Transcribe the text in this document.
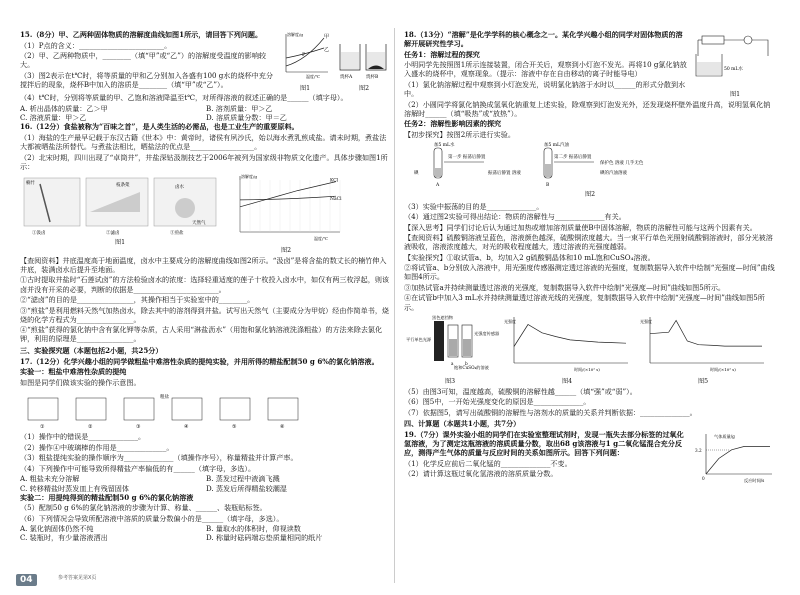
15.（8分）甲、乙两种固体物质的溶解度曲线如图1所示，请回答下列问题。

（1）P点的含义：________________________。

（2）甲、乙两种物质中，________（填“甲”或“乙”）的溶解度受温度的影响较大。

（3）图2表示在t℃时，将等质量的甲和乙分别加入各盛有100 g水的烧杯中充分搅拌后的现象，烧杯B中加入的溶质是________（填“甲”或“乙”）。

甲
乙
P
溶解度/g
温度/℃
图1
烧杯A	烧杯B
图2

（4）t℃时，分别将等质量的甲、乙饱和溶液降温至t℃，对所得溶液的叙述正确的是______（填字母）。

A. 析出晶体的质量：乙＞甲	B. 溶剂质量：甲＞乙
C. 溶液质量：甲＞乙	D. 溶质质量分数：甲＝乙

16.（12分）食盐被称为“百味之首”，是人类生活的必需品，也是工业生产的重要原料。

（1）海盐的生产最早记载于东汉古籍《世本》中：黄帝时，诸侯有夙沙氏，始以海水煮乳煎成盐。请未时期，煮盐法大都被晒盐法所替代。与煮盐法相比，晒盐法的优点是__________________。

（2）北宋时期，四川出现了“卓筒井”，井盐深钻汲制技艺于2006年被列为国家级非物质文化遗产。具体步骤如图1所示：

楠竹	枝条架	卤水
天然气
①汲卤	②滤卤	③煎盐
图1
溶解度/g
温度/℃
KCl
NaCl
图2

【查阅资料】井底温度高于地面温度，卤水中主要成分的溶解度曲线如图2所示。“汲卤”是将含盐的数丈长的楠竹伸入井底，装满卤水后提升至地面。

①古时提取井盐时“石莲试卤”的方法检验卤水的浓度：选择轻重适度的莲子十枚投入卤水中，如仅有两三枚浮起，则该卤并没有开采的必要，判断的依据是________________________。

②“滤卤”的目的是________________，其操作相当于实验室中的________。

③“煎盐”是利用燃料天然气加热卤水，除去其中的溶剂得到井盐。试写出天然气（主要成分为甲烷）经由作简单书，烧烧的化学方程式为________________。

④“煎盐”获得的氯化钠中含有氯化钾等杂质，古人采用“淋盐沥水”（用饱和氯化钠溶液洗涤粗盐）的方法来除去氯化钾，利用的原理是________________。

三、实验探究题（本题包括2小题，共25分）

17.（12分）化学兴趣小组的同学做粗盐中难溶性杂质的提纯实验，并用所得的精盐配制50 g 6%的氯化钠溶液。

实验一：粗盐中难溶性杂质的提纯

如图是同学们做该实验的操作示意图。

①	②	③	④	⑤	⑥
粗盐

（1）操作中的错误是______________。

（2）操作④中玻璃棒的作用是______________。

（3）粗盐提纯实验的操作顺序为______________（填操作序号），称量精盐并计算产率。

（4）下列操作中可能导致所得精盐产率偏低的有______（填字母，多选）。

A. 粗盐未充分溶解	B. 蒸发过程中液滴飞溅
C. 转移精盐时蒸发皿上有残留固体	D. 蒸发后所得精盐较潮湿

实验二：用提纯得到的精盐配制50 g 6%的氯化钠溶液

（5）配制50 g 6%的氯化钠溶液的步骤为计算、称量、______、装瓶贴标签。

（6）下列情况会导致所配溶液中溶质的质量分数偏小的是______（填字母，多选）。

A. 氯化钠固体仍然不纯	B. 量取水的体积时，仰视读数
C. 装瓶时，有少量溶液洒出	D. 称量时砝码端忘垫质量相同的纸片

18.（13分）“溶解”是化学学科的核心概念之一。某化学兴趣小组的同学对固体物质的溶解开展研究性学习。

任务1：溶解过程的探究

小明同学先按照图1所示连接装置，闭合开关后，观察到小灯泡不发光。再将10 g氯化钠放入盛水的烧杯中，观察现象。（提示：溶液中存在自由移动的离子时能导电）

（1）氯化钠溶解过程中观察到小灯泡发光，说明氯化钠溶于水时以______的形式分散到水中。

50 mL水
图1

（2）小圆同学将氯化钠换成氢氧化钠重复上述实验，除观察到灯泡发光外，还发现烧杯壁外温度升高，说明氢氧化钠溶解时______（填“吸热”或“放热”）。

任务2：溶解性影响因素的探究

【初步探究】按图2所示进行实验。

加5 mL水
第一步 振荡后静置	第二步 振荡后静置
加5 mL汽油
保护色 溶液 几乎无色
碘
A	B
振荡后静置 溶液	碘的汽油溶液
图2

（3）实验中振荡的目的是______________。

（4）通过图2实验可得出结论：物质的溶解性与______________有关。

【深入思考】同学们讨论后认为通过加热或增加溶剂质量使B中固体溶解，物质的溶解性可能与这两个因素有关。

【查阅资料】硫酸铜溶液呈蓝色，溶液颜色越深，硫酸铜浓度越大。当一束平行单色光照射硫酸铜溶液时，部分光被溶液吸收，溶液浓度越大，对光的吸收程度越大，透过溶液的光强度越弱。

【实验探究】①取试管a、b，均加入2 g硫酸铜晶体和10 mL饱和CuSO₄溶液。

②将试管a、b分别放入溶液中，用光强度传感器测定透过溶液的光强度，复制数据导入软件中绘制“光强度—时间”曲线如图4所示。

③加热试管a并持续测量透过溶液的光强度，复制数据导入软件中绘制“光强度—时间”曲线如图5所示。

④在试管b中加入3 mL水并持续测量透过溶液光线的光强度，复制数据导入软件中绘制“光强度—时间”曲线如图5所示。

黑色遮挡物
平行单色光源
光强度传感器
饱和CuSO₄的溶液
a	b
图3
光强度
时间/(×10² s)
图4
光强度
时间/(×10² s)
图5

（5）由图3可知，温度越高，硫酸铜的溶解性越______（填“强”或“弱”）。

（6）图5中，一开始光强度变化的原因是______________。

（7）依据图5，请写出硫酸铜的溶解性与溶剂水的质量的关系并判断依据：______________。

四、计算题（本题共1小题，共7分）

19.（7分）课外实验小组的同学们在实验室整理试剂时，发现一瓶失去部分标签的过氧化氢溶液，为了测定这瓶溶液的溶质质量分数，取出68 g该溶液与1 g二氧化锰混合充分反应，测得产生气体的质量与反应时间的关系如图所示。回答下列问题：

（1）化学反应前后二氧化锰的______________不变。

（2）请计算这瓶过氧化氢溶液的溶质质量分数。

气体质量/g
反应时间/s
3.2
0
04	参考答案见第X页
